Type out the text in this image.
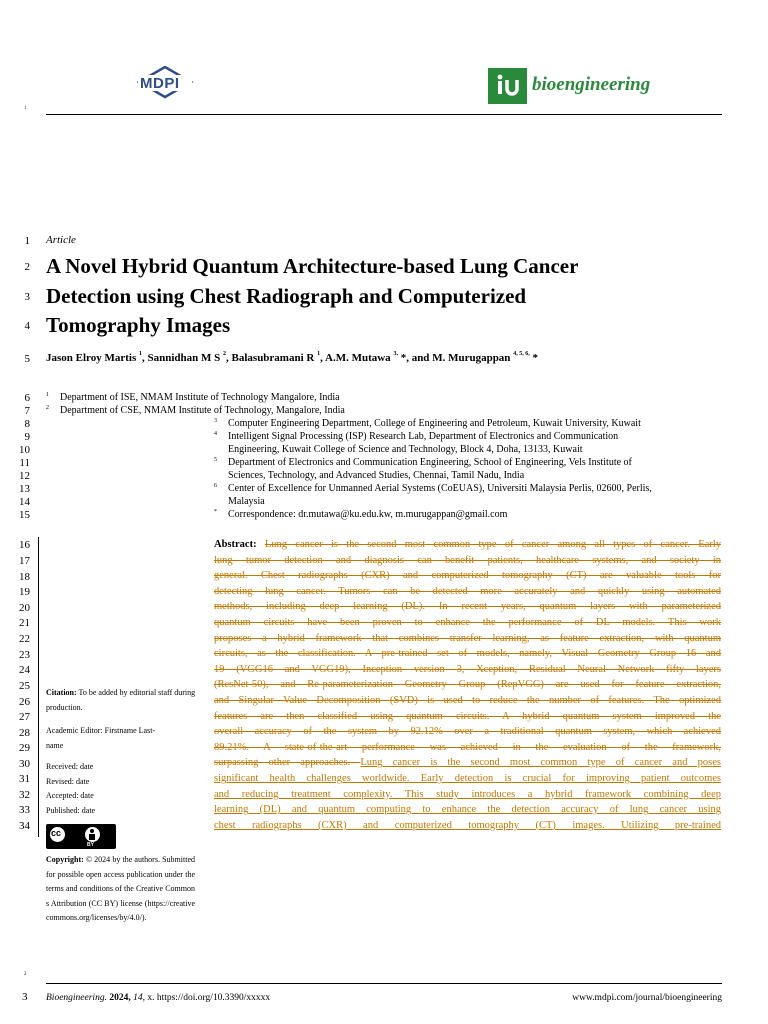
MDPI	bioengineering
1
1
2
3
4
5
6
7
8
9
10
11
12
13
14
15
16
17
18
19
20
21
22
23
24
25
26
27
28
29
30
31
32
33
34
Article
A Novel Hybrid Quantum Architecture-based Lung Cancer
Detection using Chest Radiograph and Computerized
Tomography Images
Jason Elroy Martis $^1$, Sannidhan M S $^2$, Balasubramani R $^1$, A.M. Mutawa $^{3,}$ *, and M. Murugappan $^{4, 5, 6,}$ *
1 Department of ISE, NMAM Institute of Technology Mangalore, India
2 Department of CSE, NMAM Institute of Technology, Mangalore, India
3 Computer Engineering Department, College of Engineering and Petroleum, Kuwait University, Kuwait
4 Intelligent Signal Processing (ISP) Research Lab, Department of Electronics and Communication
Engineering, Kuwait College of Science and Technology, Block 4, Doha, 13133, Kuwait
5 Department of Electronics and Communication Engineering, School of Engineering, Vels Institute of
Sciences, Technology, and Advanced Studies, Chennai, Tamil Nadu, India
6 Center of Excellence for Unmanned Aerial Systems (CoEUAS), Universiti Malaysia Perlis, 02600, Perlis,
Malaysia
* Correspondence: dr.mutawa@ku.edu.kw, m.murugappan@gmail.com
Abstract: Lung cancer is the second most common type of cancer among all types of cancer. Early
lung tumor detection and diagnosis can benefit patients, healthcare systems, and society in
general. Chest radiographs (CXR) and computerized tomography (CT) are valuable tools for
detecting lung cancer. Tumors can be detected more accurately and quickly using automated
methods, including deep learning (DL). In recent years, quantum layers with parameterized
quantum circuits have been proven to enhance the performance of DL models. This work
proposes a hybrid framework that combines transfer learning, as feature extraction, with quantum
circuits, as the classification. A pre-trained set of models, namely, Visual Geometry Group 16 and
19 (VGG16 and VGG19), Inception version 3, Xception, Residual Neural Network fifty layers
(ResNet-50), and Re-parameterization Geometry Group (RepVGG) are used for feature extraction,
and Singular Value Decomposition (SVD) is used to reduce the number of features. The optimized
features are then classified using quantum circuits. A hybrid quantum system improved the
overall accuracy of the system by 92.12% over a traditional quantum system, which achieved
89.21%. A state-of-the-art performance was achieved in the evaluation of the framework,
surpassing other approaches. Lung cancer is the second most common type of cancer and poses
significant health challenges worldwide. Early detection is crucial for improving patient outcomes
and reducing treatment complexity. This study introduces a hybrid framework combining deep
learning (DL) and quantum computing to enhance the detection accuracy of lung cancer using
chest radiographs (CXR) and computerized tomography (CT) images. Utilizing pre-trained
Citation: To be added by editorial staff during production.
Academic Editor: Firstname Last-
name
Received: date
Revised: date
Accepted: date
Published: date
cc
BY
Copyright: © 2024 by the authors. Submitted for possible open access publication under the terms and conditions of the Creative Commons Attribution (CC BY) license (https://creativecommons.org/licenses/by/4.0/).
2
3 Bioengineering. 2024, 14, x. https://doi.org/10.3390/xxxxx	www.mdpi.com/journal/bioengineering
